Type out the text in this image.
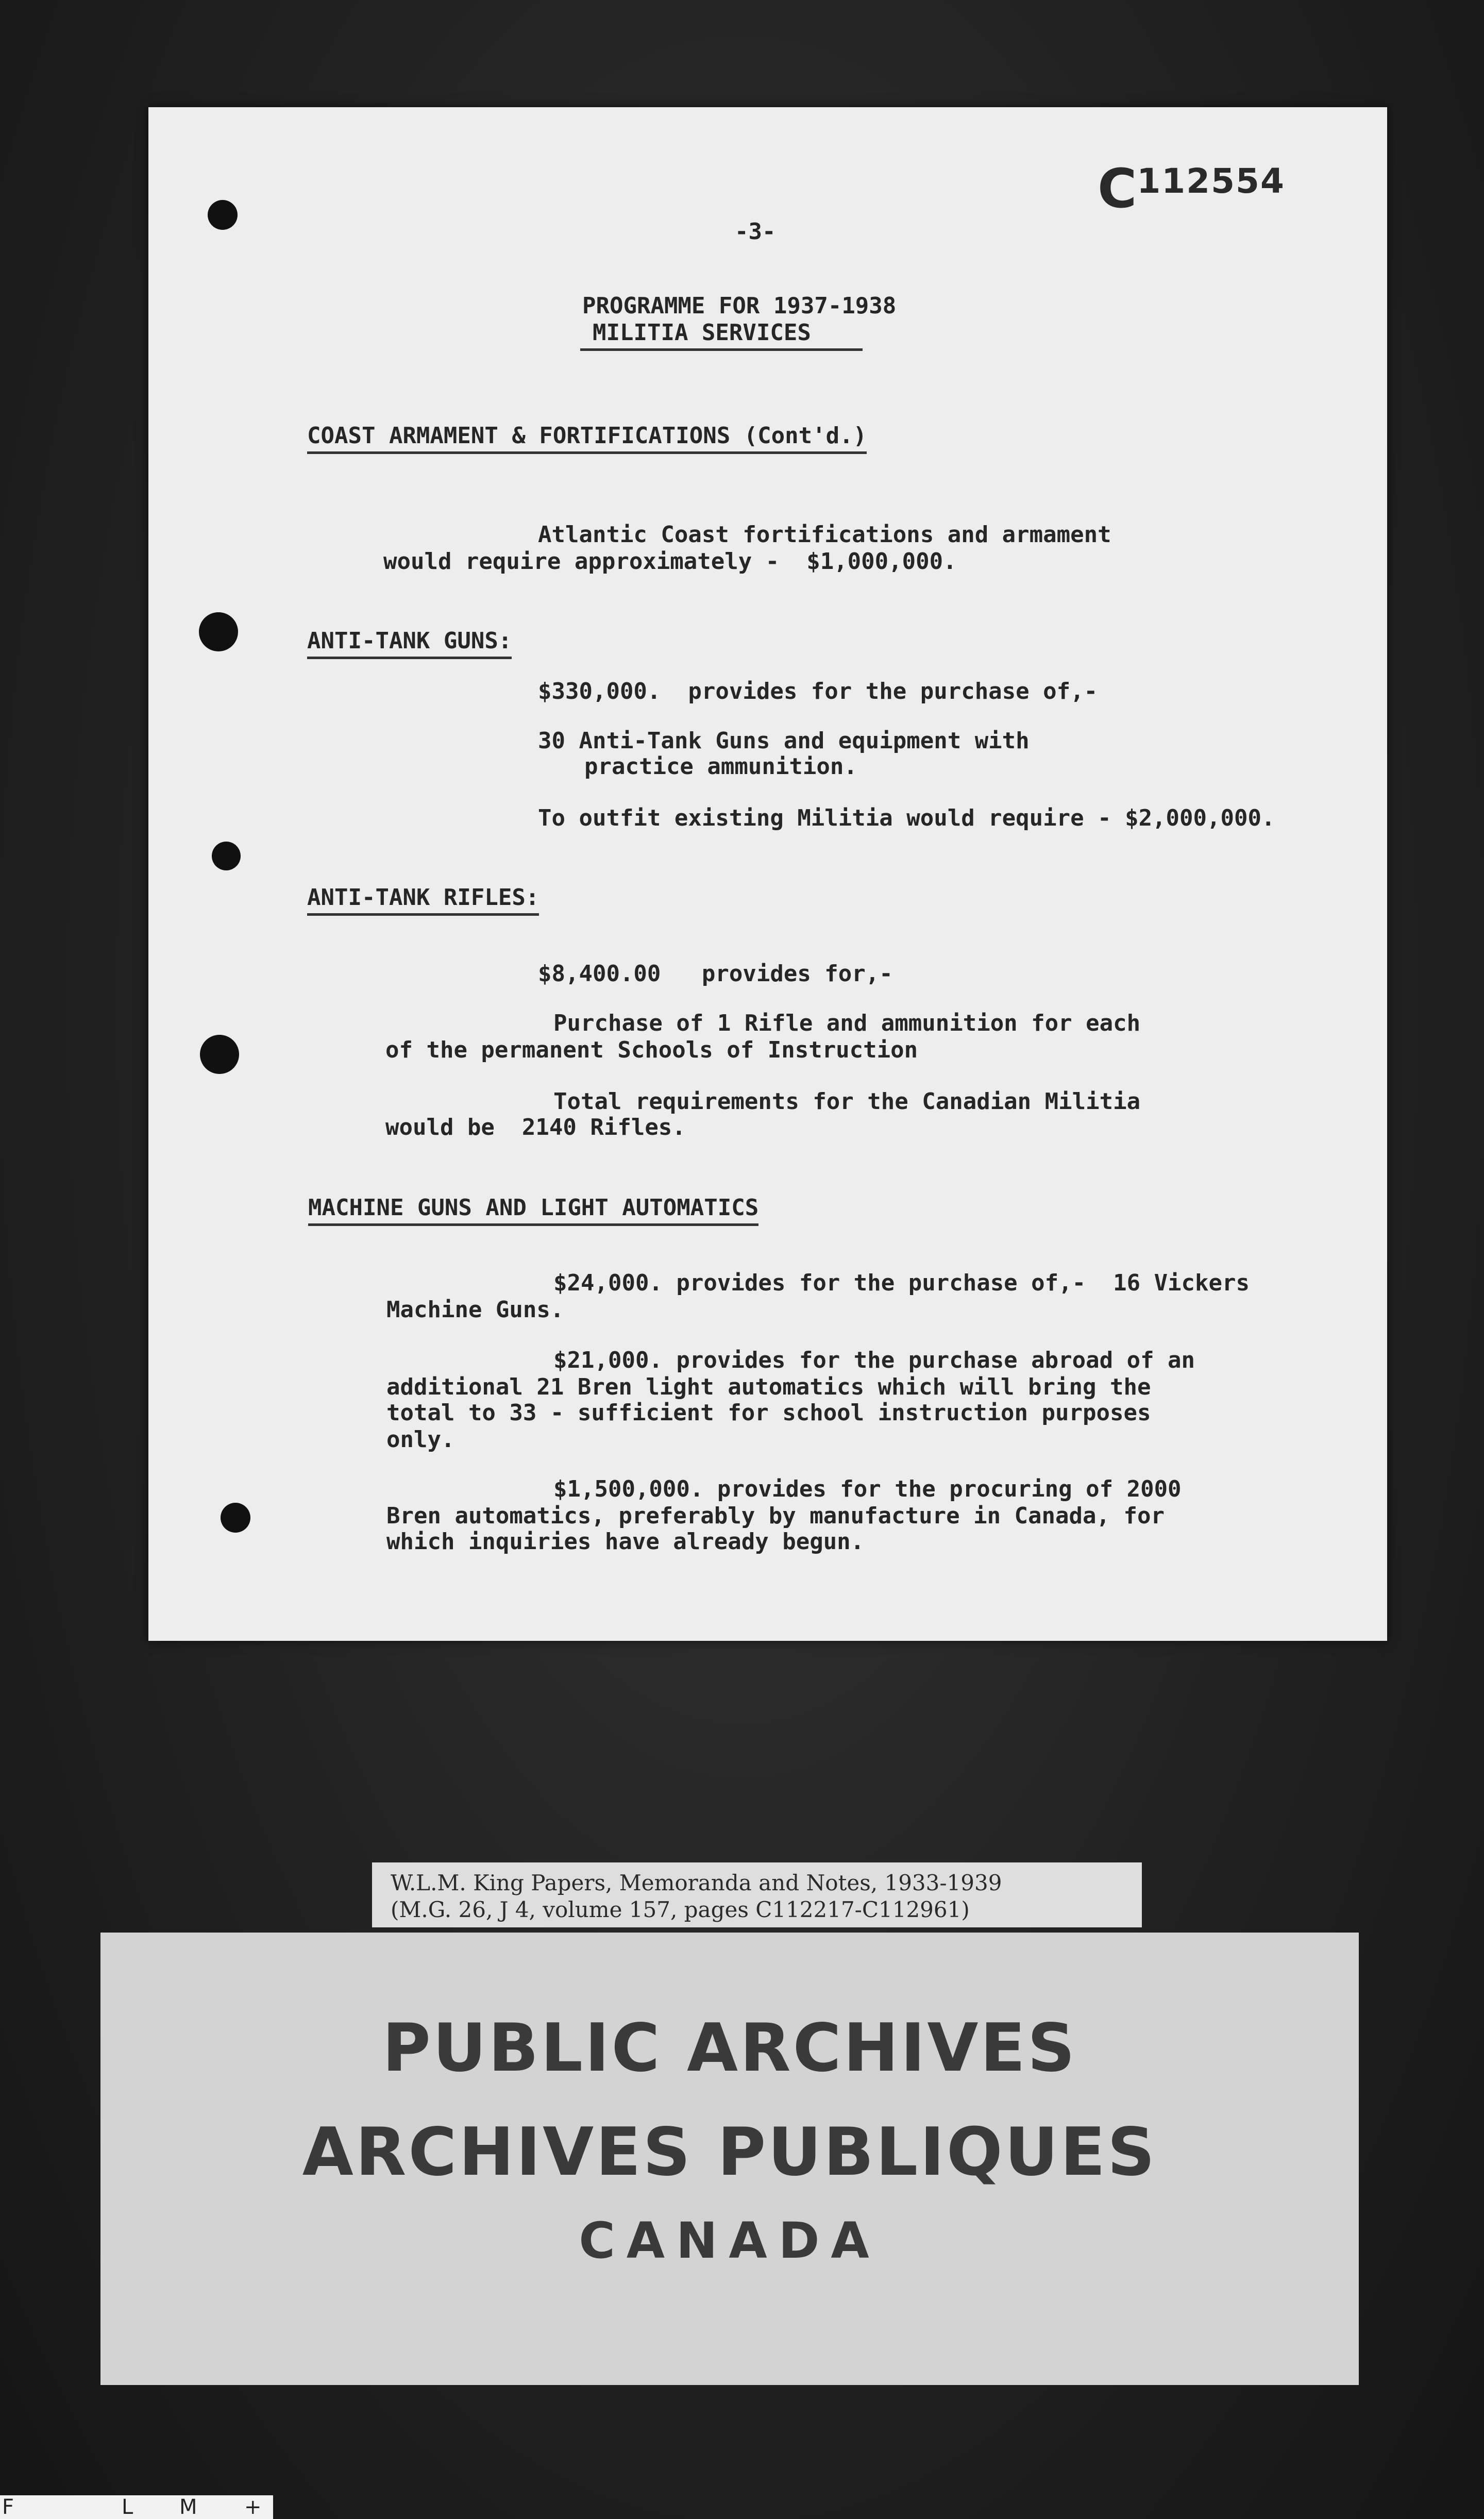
C112554
-3-
PROGRAMME FOR 1937-1938
MILITIA SERVICES
COAST ARMAMENT & FORTIFICATIONS (Cont'd.)
Atlantic Coast fortifications and armament
would require approximately -  $1,000,000.
ANTI-TANK GUNS:
$330,000.  provides for the purchase of,-
30 Anti-Tank Guns and equipment with
practice ammunition.
To outfit existing Militia would require - $2,000,000.
ANTI-TANK RIFLES:
$8,400.00   provides for,-
Purchase of 1 Rifle and ammunition for each
of the permanent Schools of Instruction
Total requirements for the Canadian Militia
would be  2140 Rifles.
MACHINE GUNS AND LIGHT AUTOMATICS
$24,000. provides for the purchase of,-  16 Vickers
Machine Guns.
$21,000. provides for the purchase abroad of an
additional 21 Bren light automatics which will bring the
total to 33 - sufficient for school instruction purposes
only.
$1,500,000. provides for the procuring of 2000
Bren automatics, preferably by manufacture in Canada, for
which inquiries have already begun.
W.L.M. King Papers, Memoranda and Notes, 1933-1939
(M.G. 26, J 4, volume 157, pages C112217-C112961)
PUBLIC ARCHIVES
ARCHIVES PUBLIQUES
CANADA
F	L M +
